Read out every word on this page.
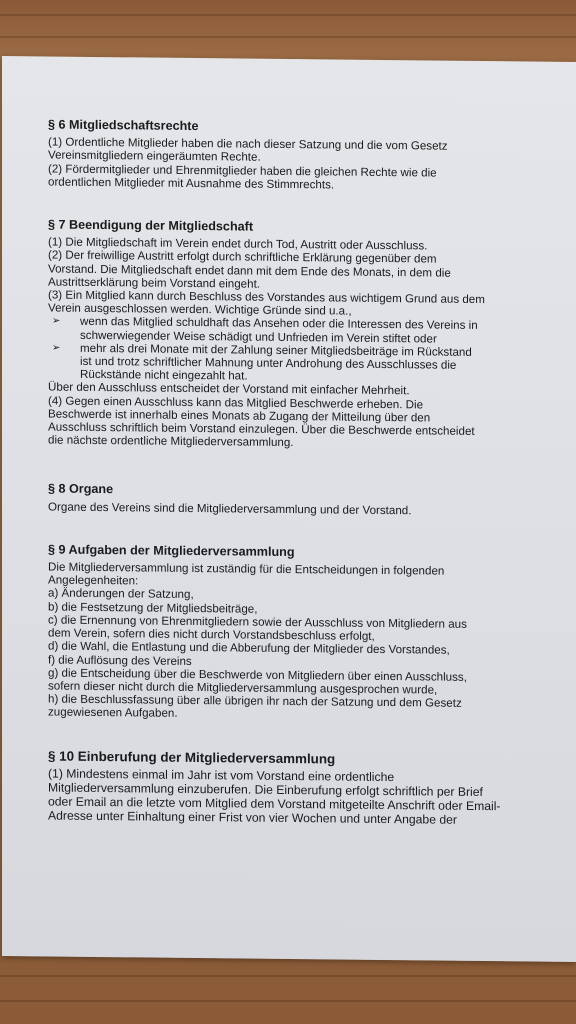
§ 6 Mitgliedschaftsrechte
(1) Ordentliche Mitglieder haben die nach dieser Satzung und die vom Gesetz
Vereinsmitgliedern eingeräumten Rechte.
(2) Fördermitglieder und Ehrenmitglieder haben die gleichen Rechte wie die
ordentlichen Mitglieder mit Ausnahme des Stimmrechts.
§ 7 Beendigung der Mitgliedschaft
(1) Die Mitgliedschaft im Verein endet durch Tod, Austritt oder Ausschluss.
(2) Der freiwillige Austritt erfolgt durch schriftliche Erklärung gegenüber dem
Vorstand. Die Mitgliedschaft endet dann mit dem Ende des Monats, in dem die
Austrittserklärung beim Vorstand eingeht.
(3) Ein Mitglied kann durch Beschluss des Vorstandes aus wichtigem Grund aus dem
Verein ausgeschlossen werden. Wichtige Gründe sind u.a.,
➢	wenn das Mitglied schuldhaft das Ansehen oder die Interessen des Vereins in
schwerwiegender Weise schädigt und Unfrieden im Verein stiftet oder
➢	mehr als drei Monate mit der Zahlung seiner Mitgliedsbeiträge im Rückstand
ist und trotz schriftlicher Mahnung unter Androhung des Ausschlusses die
Rückstände nicht eingezahlt hat.
Über den Ausschluss entscheidet der Vorstand mit einfacher Mehrheit.
(4) Gegen einen Ausschluss kann das Mitglied Beschwerde erheben. Die
Beschwerde ist innerhalb eines Monats ab Zugang der Mitteilung über den
Ausschluss schriftlich beim Vorstand einzulegen. Über die Beschwerde entscheidet
die nächste ordentliche Mitgliederversammlung.
§ 8 Organe
Organe des Vereins sind die Mitgliederversammlung und der Vorstand.
§ 9 Aufgaben der Mitgliederversammlung
Die Mitgliederversammlung ist zuständig für die Entscheidungen in folgenden
Angelegenheiten:
a) Änderungen der Satzung,
b) die Festsetzung der Mitgliedsbeiträge,
c) die Ernennung von Ehrenmitgliedern sowie der Ausschluss von Mitgliedern aus
dem Verein, sofern dies nicht durch Vorstandsbeschluss erfolgt,
d) die Wahl, die Entlastung und die Abberufung der Mitglieder des Vorstandes,
f) die Auflösung des Vereins
g) die Entscheidung über die Beschwerde von Mitgliedern über einen Ausschluss,
sofern dieser nicht durch die Mitgliederversammlung ausgesprochen wurde,
h) die Beschlussfassung über alle übrigen ihr nach der Satzung und dem Gesetz
zugewiesenen Aufgaben.
§ 10 Einberufung der Mitgliederversammlung
(1) Mindestens einmal im Jahr ist vom Vorstand eine ordentliche
Mitgliederversammlung einzuberufen. Die Einberufung erfolgt schriftlich per Brief
oder Email an die letzte vom Mitglied dem Vorstand mitgeteilte Anschrift oder Email-
Adresse unter Einhaltung einer Frist von vier Wochen und unter Angabe der
